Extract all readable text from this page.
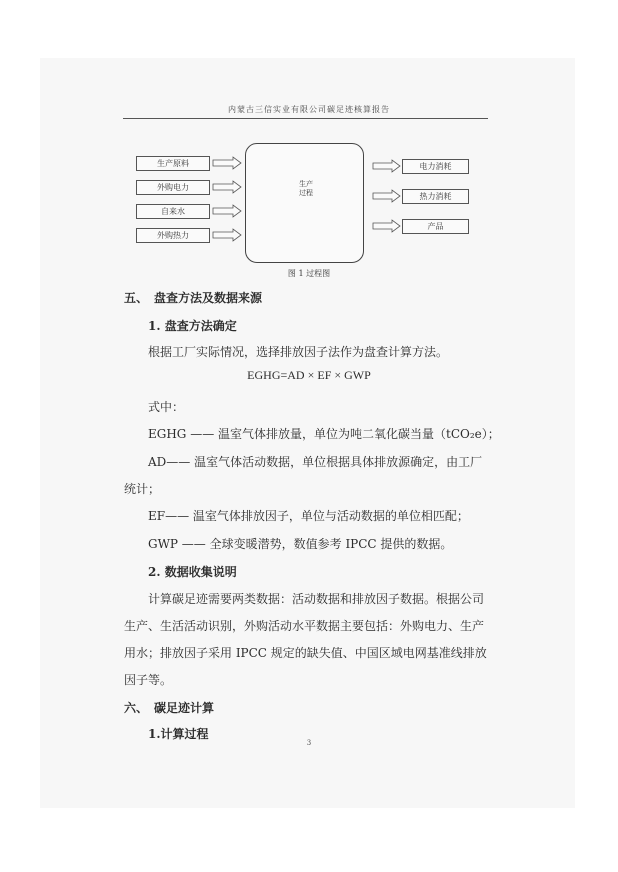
内蒙古三信实业有限公司碳足迹核算报告
生产原料
外购电力
自来水
外购热力
生产过程
电力消耗
热力消耗
产品
图 1 过程图
五、　盘查方法及数据来源
1. 盘查方法确定
根据工厂实际情况，选择排放因子法作为盘查计算方法。
EGHG=AD × EF × GWP
式中：
EGHG —— 温室气体排放量，单位为吨二氧化碳当量（tCO₂e）；
AD—— 温室气体活动数据，单位根据具体排放源确定，由工厂
统计；
EF—— 温室气体排放因子，单位与活动数据的单位相匹配；
GWP —— 全球变暖潜势，数值参考 IPCC 提供的数据。
2. 数据收集说明
计算碳足迹需要两类数据：活动数据和排放因子数据。根据公司
生产、生活活动识别，外购活动水平数据主要包括：外购电力、生产
用水；排放因子采用 IPCC 规定的缺失值、中国区域电网基准线排放
因子等。
六、　碳足迹计算
1.计算过程
3
